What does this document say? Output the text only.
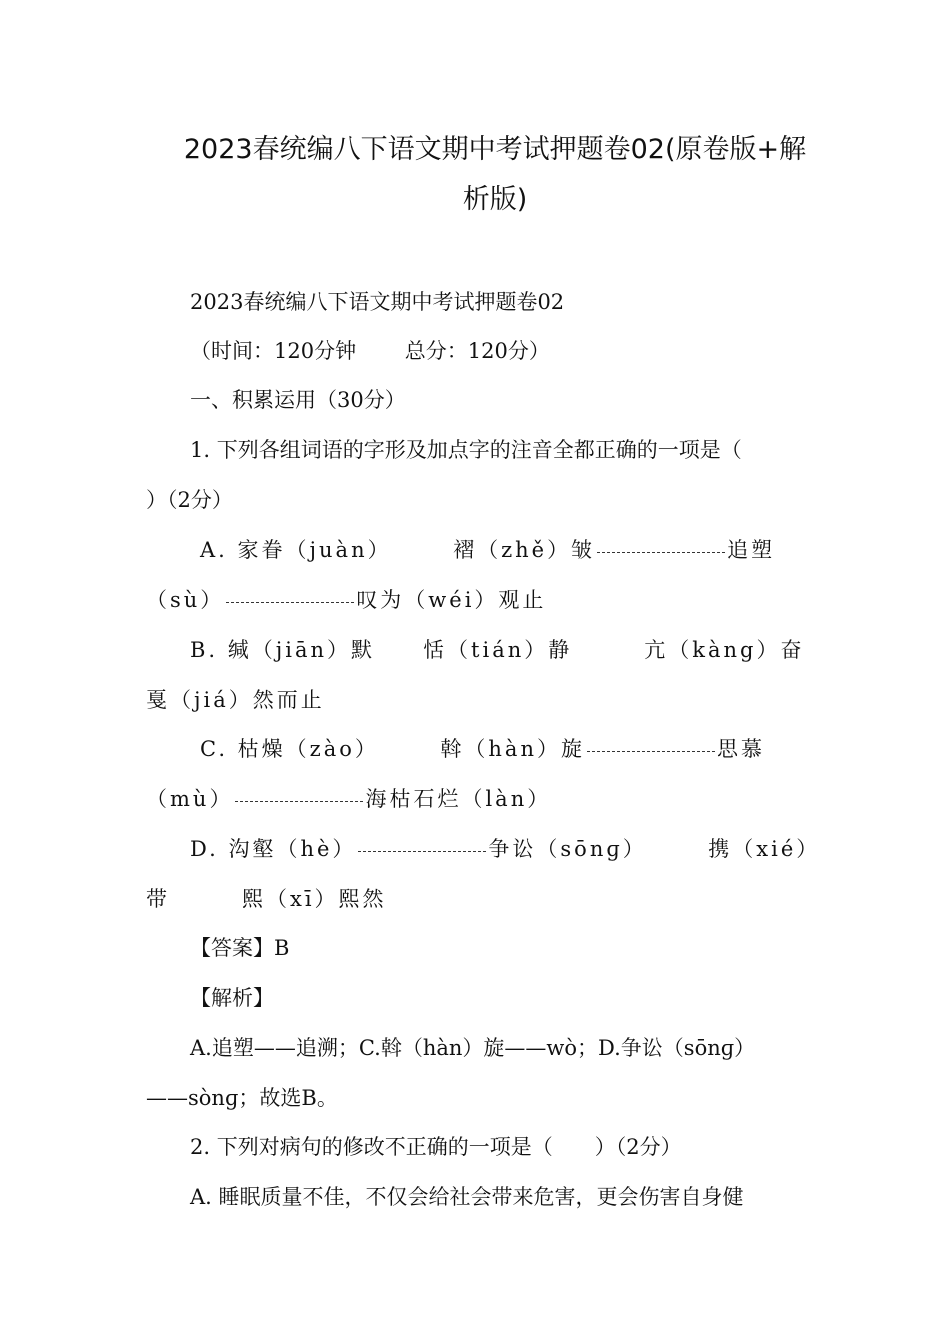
2023春统编八下语文期中考试押题卷02(原卷版+解
析版)
2023春统编八下语文期中考试押题卷02
（时间：120分钟　　 总分：120分）
一、积累运用（30分）
1. 下列各组词语的字形及加点字的注音全都正确的一项是（
）（2分）
A. 家眷（juàn）　　　褶（zhě）皱	追塑
（sù）	叹为（wéi）观止
B. 缄（jiān）默　　恬（tián）静　　　亢（kàng）奋
戛（jiá）然而止
C. 枯燥（zào）　　　斡（hàn）旋	思慕
（mù）	海枯石烂（làn）
D. 沟壑（hè）	争讼（sōnɡ）　　　携（xié）
带　　　熙（xī）熙然
【答案】B
【解析】
A.追塑——追溯；C.斡（hàn）旋——wò；D.争讼（sōnɡ）
——sònɡ；故选B。
2. 下列对病句的修改不正确的一项是（　　）（2分）
A. 睡眠质量不佳，不仅会给社会带来危害，更会伤害自身健
